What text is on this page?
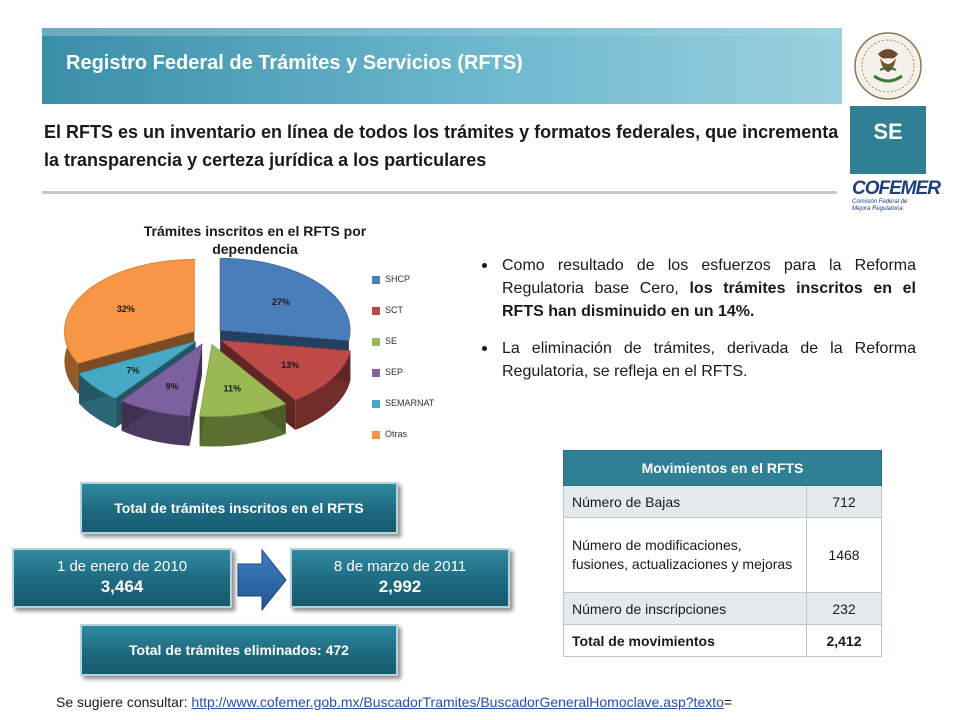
Registro Federal de Trámites y Servicios (RFTS)
SE
COFEMER
Comisión Federal de Mejora Regulatoria
El RFTS es un inventario en línea de todos los trámites y formatos federales, que incrementa la transparencia y certeza jurídica a los particulares
Trámites inscritos en el RFTS por dependencia
27%
32%
13%
7%
9%	11%
SHCP
SCT
SE
SEP
SEMARNAT
Otras
Como resultado de los esfuerzos para la Reforma Regulatoria base Cero, los trámites inscritos en el RFTS han disminuido en un 14%.
La eliminación de trámites, derivada de la Reforma Regulatoria, se refleja en el RFTS.
Movimientos en el RFTS	
Número de Bajas	712
Número de modificaciones, fusiones, actualizaciones y mejoras	1468
Número de inscripciones	232
Total de movimientos	2,412
Total de trámites inscritos en el RFTS
1 de enero de 2010
3,464
8 de marzo de 2011
2,992
Total de trámites eliminados: 472
Se sugiere consultar: http://www.cofemer.gob.mx/BuscadorTramites/BuscadorGeneralHomoclave.asp?texto=
